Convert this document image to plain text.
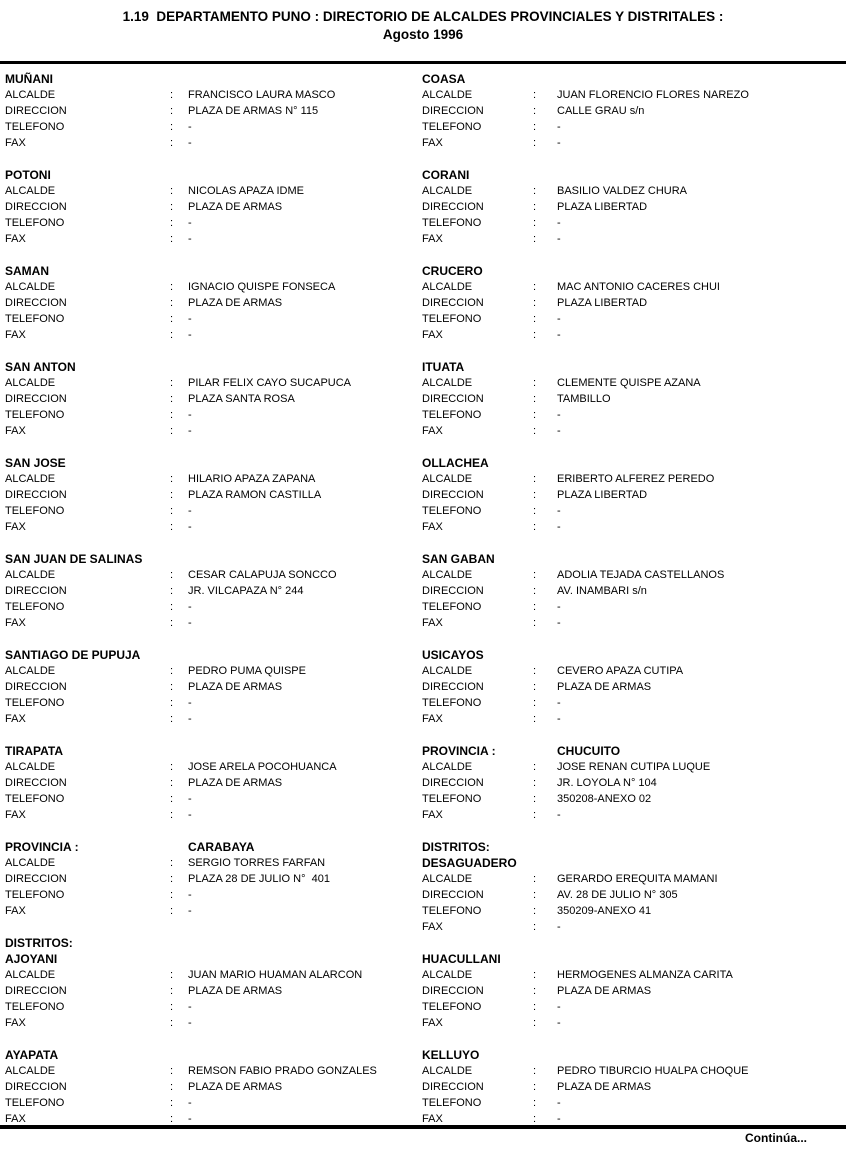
1.19  DEPARTAMENTO PUNO : DIRECTORIO DE ALCALDES PROVINCIALES Y DISTRITALES :
Agosto 1996
MUÑANI
ALCALDE	:	FRANCISCO LAURA MASCO
DIRECCION	:	PLAZA DE ARMAS N° 115
TELEFONO	:	-
FAX	:	-
POTONI
ALCALDE	:	NICOLAS APAZA IDME
DIRECCION	:	PLAZA DE ARMAS
TELEFONO	:	-
FAX	:	-
SAMAN
ALCALDE	:	IGNACIO QUISPE FONSECA
DIRECCION	:	PLAZA DE ARMAS
TELEFONO	:	-
FAX	:	-
SAN ANTON
ALCALDE	:	PILAR FELIX CAYO SUCAPUCA
DIRECCION	:	PLAZA SANTA ROSA
TELEFONO	:	-
FAX	:	-
SAN JOSE
ALCALDE	:	HILARIO APAZA ZAPANA
DIRECCION	:	PLAZA RAMON CASTILLA
TELEFONO	:	-
FAX	:	-
SAN JUAN DE SALINAS
ALCALDE	:	CESAR CALAPUJA SONCCO
DIRECCION	:	JR. VILCAPAZA N° 244
TELEFONO	:	-
FAX	:	-
SANTIAGO DE PUPUJA
ALCALDE	:	PEDRO PUMA QUISPE
DIRECCION	:	PLAZA DE ARMAS
TELEFONO	:	-
FAX	:	-
TIRAPATA
ALCALDE	:	JOSE ARELA POCOHUANCA
DIRECCION	:	PLAZA DE ARMAS
TELEFONO	:	-
FAX	:	-
PROVINCIA :	CARABAYA
ALCALDE	:	SERGIO TORRES FARFAN
DIRECCION	:	PLAZA 28 DE JULIO N°  401
TELEFONO	:	-
FAX	:	-
DISTRITOS:
AJOYANI
ALCALDE	:	JUAN MARIO HUAMAN ALARCON
DIRECCION	:	PLAZA DE ARMAS
TELEFONO	:	-
FAX	:	-
AYAPATA
ALCALDE	:	REMSON FABIO PRADO GONZALES
DIRECCION	:	PLAZA DE ARMAS
TELEFONO	:	-
FAX	:	-
COASA
ALCALDE	:	JUAN FLORENCIO FLORES NAREZO
DIRECCION	:	CALLE GRAU s/n
TELEFONO	:	-
FAX	:	-
CORANI
ALCALDE	:	BASILIO VALDEZ CHURA
DIRECCION	:	PLAZA LIBERTAD
TELEFONO	:	-
FAX	:	-
CRUCERO
ALCALDE	:	MAC ANTONIO CACERES CHUI
DIRECCION	:	PLAZA LIBERTAD
TELEFONO	:	-
FAX	:	-
ITUATA
ALCALDE	:	CLEMENTE QUISPE AZANA
DIRECCION	:	TAMBILLO
TELEFONO	:	-
FAX	:	-
OLLACHEA
ALCALDE	:	ERIBERTO ALFEREZ PEREDO
DIRECCION	:	PLAZA LIBERTAD
TELEFONO	:	-
FAX	:	-
SAN GABAN
ALCALDE	:	ADOLIA TEJADA CASTELLANOS
DIRECCION	:	AV. INAMBARI s/n
TELEFONO	:	-
FAX	:	-
USICAYOS
ALCALDE	:	CEVERO APAZA CUTIPA
DIRECCION	:	PLAZA DE ARMAS
TELEFONO	:	-
FAX	:	-
PROVINCIA :	CHUCUITO
ALCALDE	:	JOSE RENAN CUTIPA LUQUE
DIRECCION	:	JR. LOYOLA N° 104
TELEFONO	:	350208-ANEXO 02
FAX	:	-
DISTRITOS:
DESAGUADERO
ALCALDE	:	GERARDO EREQUITA MAMANI
DIRECCION	:	AV. 28 DE JULIO N° 305
TELEFONO	:	350209-ANEXO 41
FAX	:	-
HUACULLANI
ALCALDE	:	HERMOGENES ALMANZA CARITA
DIRECCION	:	PLAZA DE ARMAS
TELEFONO	:	-
FAX	:	-
KELLUYO
ALCALDE	:	PEDRO TIBURCIO HUALPA CHOQUE
DIRECCION	:	PLAZA DE ARMAS
TELEFONO	:	-
FAX	:	-
Continúa...
